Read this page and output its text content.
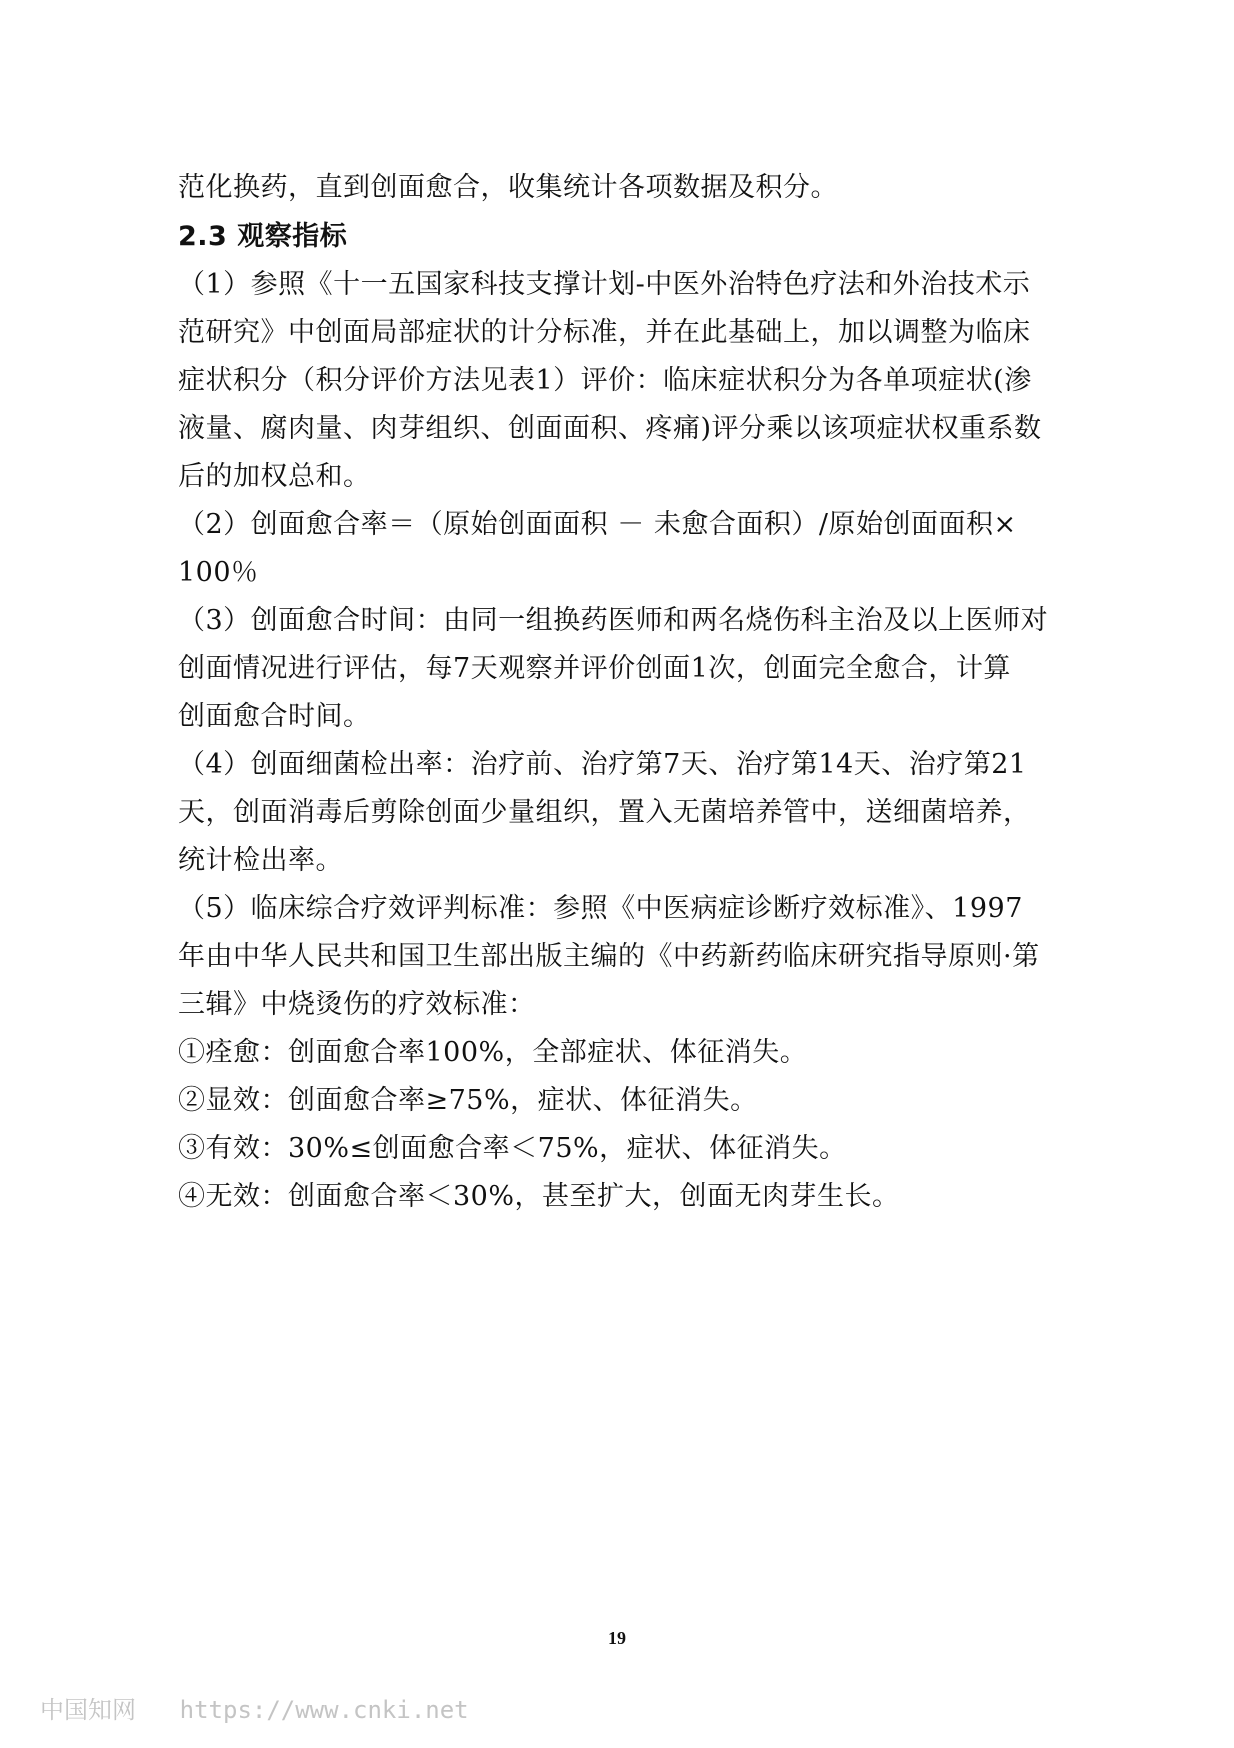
范化换药，直到创面愈合，收集统计各项数据及积分。
2.3 观察指标
（1）参照《十一五国家科技支撑计划-中医外治特色疗法和外治技术示
范研究》中创面局部症状的计分标准，并在此基础上，加以调整为临床
症状积分（积分评价方法见表1）评价：临床症状积分为各单项症状(渗
液量、腐肉量、肉芽组织、创面面积、疼痛)评分乘以该项症状权重系数
后的加权总和。
（2）创面愈合率＝（原始创面面积 － 未愈合面积）/原始创面面积×
100％
（3）创面愈合时间：由同一组换药医师和两名烧伤科主治及以上医师对
创面情况进行评估，每7天观察并评价创面1次，创面完全愈合，计算
创面愈合时间。
（4）创面细菌检出率：治疗前、治疗第7天、治疗第14天、治疗第21
天，创面消毒后剪除创面少量组织，置入无菌培养管中，送细菌培养，
统计检出率。
（5）临床综合疗效评判标准：参照《中医病症诊断疗效标准》、1997
年由中华人民共和国卫生部出版主编的《中药新药临床研究指导原则·第
三辑》中烧烫伤的疗效标准：
①痊愈：创面愈合率100%，全部症状、体征消失。
②显效：创面愈合率≥75%，症状、体征消失。
③有效：30%≤创面愈合率＜75%，症状、体征消失。
④无效：创面愈合率＜30%，甚至扩大，创面无肉芽生长。
19
中国知网 https://www.cnki.net
